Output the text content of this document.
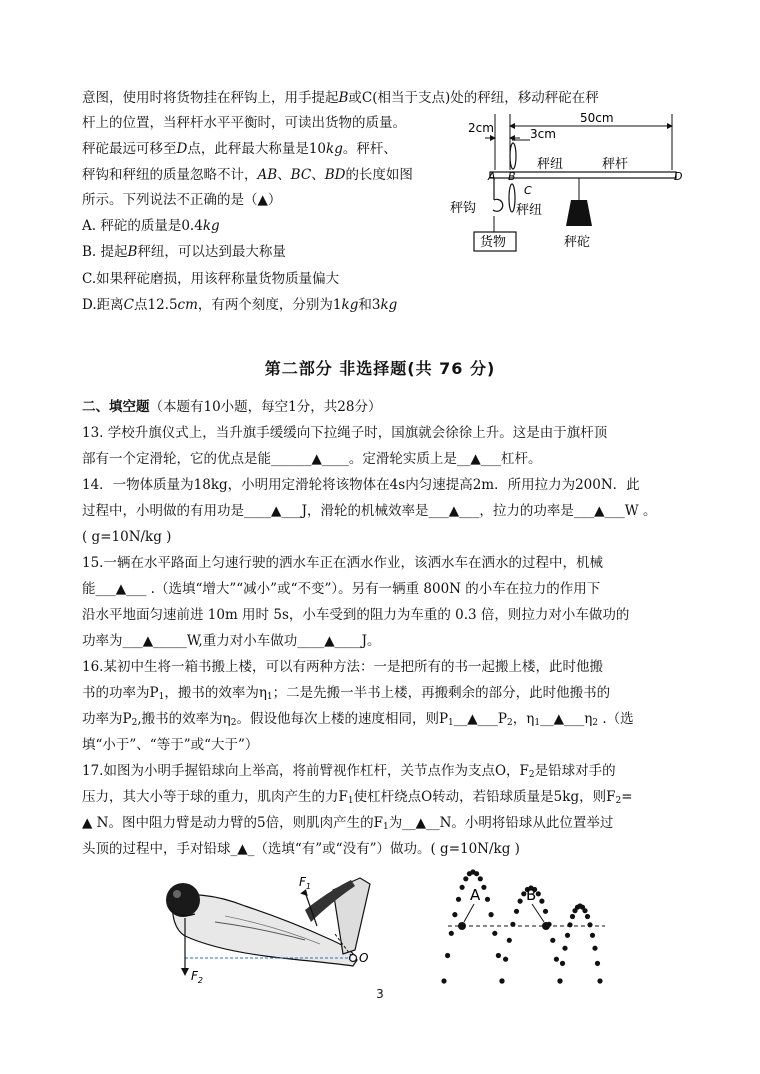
意图，使用时将货物挂在秤钩上，用手提起B或C(相当于支点)处的秤纽，移动秤砣在秤
杆上的位置，当秤杆水平平衡时，可读出货物的质量。
秤砣最远可移至D点，此秤最大称量是10kg。秤杆、
秤钩和秤纽的质量忽略不计，AB、BC、BD的长度如图
所示。下列说法不正确的是（▲）
A. 秤砣的质量是0.4kg
B. 提起B秤纽，可以达到最大称量
C.如果秤砣磨损，用该秤称量货物质量偏大
D.距离C点12.5cm，有两个刻度，分别为1kg和3kg
2cm	3cm
50cm
秤纽	秤杆
A B	D
C
秤纽
秤钩
货物	秤砣
第二部分 非选择题(共 76 分)
二、填空题（本题有10小题，每空1分，共28分）
13. 学校升旗仪式上，当升旗手缓缓向下拉绳子时，国旗就会徐徐上升。这是由于旗杆顶
部有一个定滑轮，它的优点是能______▲____。定滑轮实质上是__▲___杠杆。
14．一物体质量为18kg，小明用定滑轮将该物体在4s内匀速提高2m．所用拉力为200N．此
过程中，小明做的有用功是____▲___J，滑轮的机械效率是___▲___，拉力的功率是___▲___W 。
( g=10N/kg )
15.一辆在水平路面上匀速行驶的洒水车正在洒水作业，该洒水车在洒水的过程中，机械
能___▲___ .（选填“增大”“减小”或“不变”）。另有一辆重 800N 的小车在拉力的作用下
沿水平地面匀速前进 10m 用时 5s，小车受到的阻力为车重的 0.3 倍，则拉力对小车做功的
功率为___▲_____W,重力对小车做功____▲____J。
16.某初中生将一箱书搬上楼，可以有两种方法：一是把所有的书一起搬上楼，此时他搬
书的功率为$P_1$，搬书的效率为$\eta_1$；二是先搬一半书上楼，再搬剩余的部分，此时他搬书的
功率为$P_2$,搬书的效率为$\eta_2$。假设他每次上楼的速度相同，则$P_1\_\_▲\_\_\_P_2$，$\eta_1\_\_▲\_\_\_\eta_2$ .（选
填“小于”、“等于”或“大于”）
17.如图为小明手握铅球向上举高，将前臂视作杠杆，关节点作为支点O，$F_2$是铅球对手的
压力，其大小等于球的重力，肌肉产生的力$F_1$使杠杆绕点O转动，若铅球质量是5kg，则$F_2=$
▲ N。图中阻力臂是动力臂的5倍，则肌肉产生的$F_1$为__▲__N。小明将铅球从此位置举过
头顶的过程中，手对铅球_▲_（选填“有”或“没有”）做功。( g=10N/kg )
$F_1$
O
$F_2$
A	B
3
